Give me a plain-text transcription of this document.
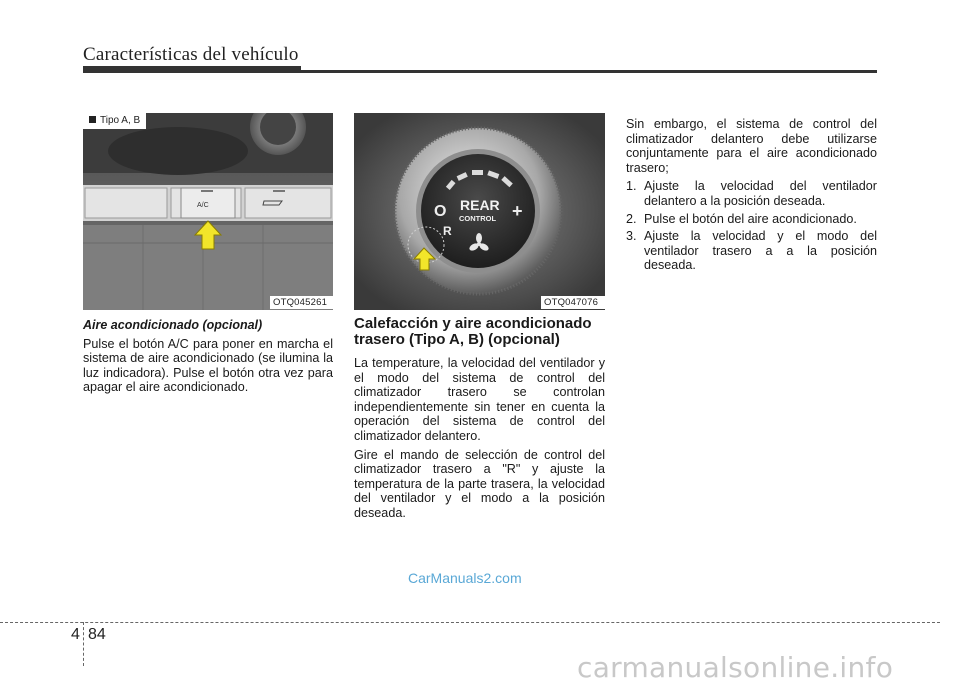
Características del vehículo
A/C
Tipo A, B
OTQ045261
O	+
REAR
CONTROL
R
OTQ047076
Aire acondicionado (opcional)

Pulse el botón A/C para poner en marcha el sistema de aire acondicionado (se ilumina la luz indicadora). Pulse el botón otra vez para apagar el aire acondicionado.

Calefacción y aire acondicionado trasero (Tipo A, B) (opcional)

La temperature, la velocidad del ventilador y el modo del sistema de control del climatizador trasero se controlan independientemente sin tener en cuenta la operación del sistema de control del climatizador delantero.

Gire el mando de selección de control del climatizador trasero a "R" y ajuste la temperatura de la parte trasera, la velocidad del ventilador y el modo a la posición deseada.

Sin embargo, el sistema de control del climatizador delantero debe utilizarse conjuntamente para el aire acondicionado trasero;

1. Ajuste la velocidad del ventilador delantero a la posición deseada.
2. Pulse el botón del aire acondicionado.
3. Ajuste la velocidad y el modo del ventilador trasero a a la posición deseada.
CarManuals2.com
4 84
carmanualsonline.info
